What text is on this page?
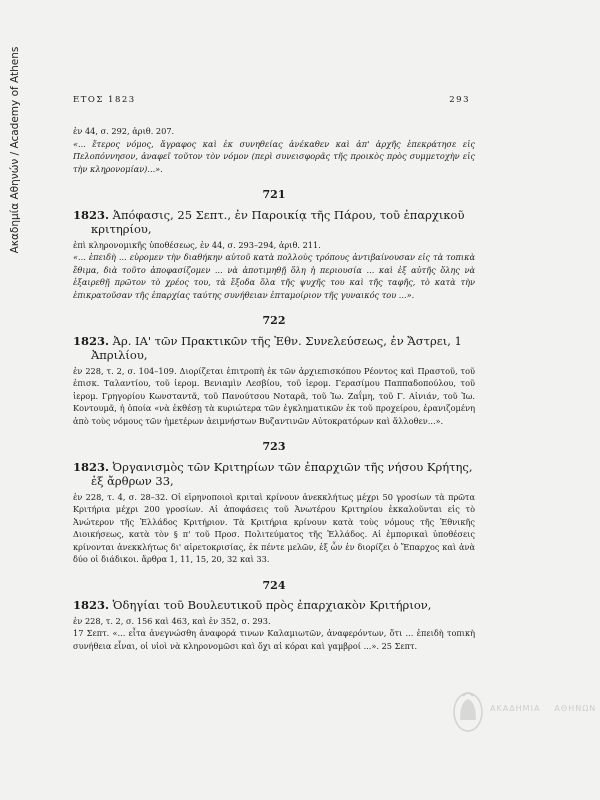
Ακαδημία Αθηνών / Academy of Athens	ΕΤΟΣ 1823	293

ἐν 44, σ. 292, ἀριθ. 207.

«... ἕτερος νόμος, ἄγραφος καὶ ἐκ συνηθείας ἀνέκαθεν καὶ ἀπ' ἀρχῆς ἐπεκράτησε εἰς Πελοπόννησον, ἀναφεῖ τοῦτον τὸν νόμον (περὶ συνεισφορᾶς τῆς προικὸς πρὸς συμμετοχὴν εἰς τὴν κληρονομίαν)...».

721
1823. Ἀπόφασις, 25 Σεπτ., ἐν Παροικίᾳ τῆς Πάρου, τοῦ ἐπαρχικοῦ κριτηρίου,

ἐπὶ κληρονομικῆς ὑποθέσεως, ἐν 44, σ. 293–294, ἀριθ. 211.

«... ἐπειδὴ ... εὑρομεν τὴν διαθήκην αὐτοῦ κατὰ πολλοὺς τρόπους ἀντιβαίνουσαν εἰς τὰ τοπικὰ ἔθιμα, διὰ τοῦτο ἀποφασίζομεν ... νὰ ἀποτιμηθῇ ὅλη ἡ περιουσία ... καὶ ἐξ αὐτῆς ὅλης νὰ ἐξαιρεθῇ πρῶτον τὸ χρέος του, τὰ ἔξοδα ὅλα τῆς ψυχῆς του καὶ τῆς ταφῆς, τὸ κατὰ τὴν ἐπικρατοῦσαν τῆς ἐπαρχίας ταύτης συνήθειαν ἐπταμοίριον τῆς γυναικός του ...».

722
1823. Ἀρ. ΙΑ' τῶν Πρακτικῶν τῆς Ἐθν. Συνελεύσεως, ἐν Ἄστρει, 1 Ἀπριλίου,

ἐν 228, τ. 2, σ. 104–109. Διορίζεται ἐπιτροπὴ ἐκ τῶν ἀρχιεπισκόπου Ρέοντος καὶ Πραστοῦ, τοῦ ἐπισκ. Ταλαντίου, τοῦ ἱερομ. Βενιαμὶν Λεσβίου, τοῦ ἱερομ. Γερασίμου Παππαδοπούλου, τοῦ ἱερομ. Γρηγορίου Κωνσταντᾶ, τοῦ Πανούτσου Νοταρᾶ, τοῦ Ἰω. Ζαΐμη, τοῦ Γ. Αἰνιάν, τοῦ Ἰω. Κοντουμᾶ, ἡ ὁποία «νὰ ἐκθέσῃ τὰ κυριώτερα τῶν ἐγκληματικῶν ἐκ τοῦ προχείρου, ἐρανιζομένη ἀπὸ τοὺς νόμους τῶν ἡμετέρων ἀειμνήστων Βυζαντινῶν Αὐτοκρατόρων καὶ ἄλλοθεν...».

723
1823. Ὀργανισμὸς τῶν Κριτηρίων τῶν ἐπαρχιῶν τῆς νήσου Κρήτης, ἐξ ἄρθρων 33,

ἐν 228, τ. 4, σ. 28–32. Οἱ εἰρηνοποιοὶ κριταὶ κρίνουν ἀνεκκλήτως μέχρι 50 γροσίων τὰ πρῶτα Κριτήρια μέχρι 200 γροσίων. Αἱ ἀποφάσεις τοῦ Ἀνωτέρου Κριτηρίου ἐκκαλοῦνται εἰς τὸ Ἀνώτερον τῆς Ἑλλάδος Κριτήριον. Τὰ Κριτήρια κρίνουν κατὰ τοὺς νόμους τῆς Ἐθνικῆς Διοικήσεως, κατὰ τὸν § π' τοῦ Προσ. Πολιτεύματος τῆς Ἑλλάδος. Αἱ ἐμπορικαὶ ὑποθέσεις κρίνονται ἀνεκκλήτως δι' αἱρετοκρισίας, ἐκ πέντε μελῶν, ἐξ ὧν ἐν διορίζει ὁ Ἔπαρχος καὶ ἀνὰ δύο οἱ διάδικοι. ἄρθρα 1, 11, 15, 20, 32 καὶ 33.

724
1823. Ὁδηγίαι τοῦ Βουλευτικοῦ πρὸς ἐπαρχιακὸν Κριτήριον,

ἐν 228, τ. 2, σ. 156 καὶ 463, καὶ ἐν 352, σ. 293.

17 Σεπτ. «... εἶτα ἀνεγνώσθη ἀναφορά τινων Καλαμιωτῶν, ἀναφερόντων, ὅτι ... ἐπειδὴ τοπικὴ συνήθεια εἶναι, οἱ υἱοὶ νὰ κληρονομῶσι καὶ ὄχι αἱ κόραι καὶ γαμβροί ...». 25 Σεπτ.

ΑΚΑΔΗΜΙΑ ΑΘΗΝΩΝ
